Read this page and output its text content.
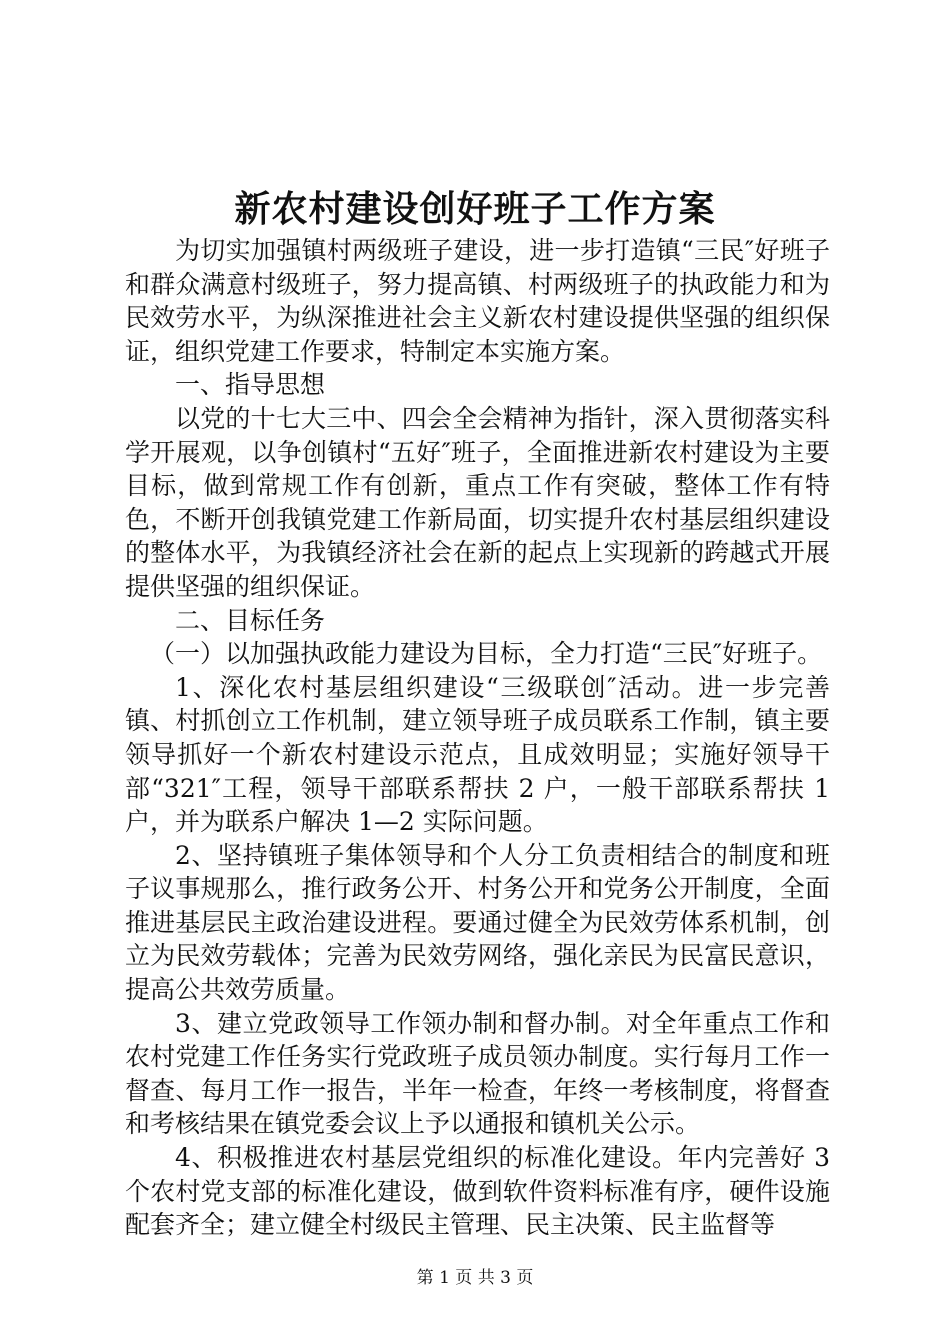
新农村建设创好班子工作方案

为切实加强镇村两级班子建设，进一步打造镇“三民″好班子和群众满意村级班子，努力提高镇、村两级班子的执政能力和为民效劳水平，为纵深推进社会主义新农村建设提供坚强的组织保证，组织党建工作要求，特制定本实施方案。

一、指导思想

以党的十七大三中、四会全会精神为指针，深入贯彻落实科学开展观，以争创镇村“五好″班子，全面推进新农村建设为主要目标，做到常规工作有创新，重点工作有突破，整体工作有特色，不断开创我镇党建工作新局面，切实提升农村基层组织建设的整体水平，为我镇经济社会在新的起点上实现新的跨越式开展提供坚强的组织保证。

二、目标任务

（一）以加强执政能力建设为目标，全力打造“三民″好班子。

1、深化农村基层组织建设“三级联创″活动。进一步完善镇、村抓创立工作机制，建立领导班子成员联系工作制，镇主要领导抓好一个新农村建设示范点，且成效明显；实施好领导干部“321″工程，领导干部联系帮扶 2 户，一般干部联系帮扶 1 户，并为联系户解决 1—2 实际问题。

2、坚持镇班子集体领导和个人分工负责相结合的制度和班子议事规那么，推行政务公开、村务公开和党务公开制度，全面推进基层民主政治建设进程。要通过健全为民效劳体系机制，创立为民效劳载体；完善为民效劳网络，强化亲民为民富民意识，提高公共效劳质量。

3、建立党政领导工作领办制和督办制。对全年重点工作和农村党建工作任务实行党政班子成员领办制度。实行每月工作一督查、每月工作一报告，半年一检查，年终一考核制度，将督查和考核结果在镇党委会议上予以通报和镇机关公示。

4、积极推进农村基层党组织的标准化建设。年内完善好 3 个农村党支部的标准化建设，做到软件资料标准有序，硬件设施配套齐全；建立健全村级民主管理、民主决策、民主监督等

第 1 页 共 3 页
